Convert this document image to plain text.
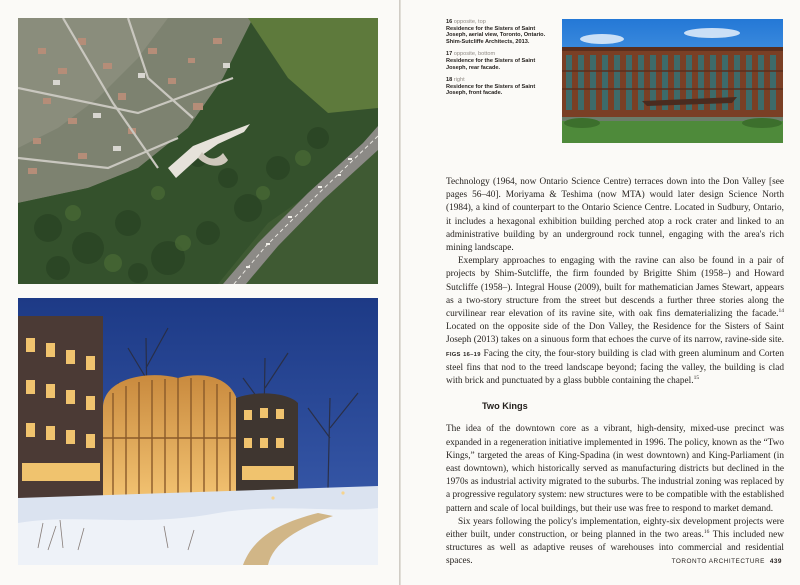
16 opposite, top
Residence for the Sisters of Saint Joseph, aerial view, Toronto, Ontario. Shim-Sutcliffe Architects, 2013.
17 opposite, bottom
Residence for the Sisters of Saint Joseph, rear facade.
18 right
Residence for the Sisters of Saint Joseph, front facade.

Technology (1964, now Ontario Science Centre) terraces down into the Don Valley [see pages 56–40]. Moriyama & Teshima (now MTA) would later design Science North (1984), a kind of counterpart to the Ontario Science Centre. Located in Sudbury, Ontario, it includes a hexagonal exhibition building perched atop a rock crater and linked to an administrative building by an underground rock tunnel, engaging with the area's rich mining landscape.

Exemplary approaches to engaging with the ravine can also be found in a pair of projects by Shim-Sutcliffe, the firm founded by Brigitte Shim (1958–) and Howard Sutcliffe (1958–). Integral House (2009), built for mathematician James Stewart, appears as a two-story structure from the street but descends a further three stories along the curvilinear rear elevation of its ravine site, with oak fins dematerializing the facade.$^{14}$ Located on the opposite side of the Don Valley, the Residence for the Sisters of Saint Joseph (2013) takes on a sinuous form that echoes the curve of its narrow, ravine-side site. FIGS 16–19 Facing the city, the four-story building is clad with green aluminum and Corten steel fins that nod to the treed landscape beyond; facing the valley, the building is clad with brick and punctuated by a glass bubble containing the chapel.$^{15}$

Two Kings

The idea of the downtown core as a vibrant, high-density, mixed-use precinct was expanded in a regeneration initiative implemented in 1996. The policy, known as the “Two Kings,” targeted the areas of King-Spadina (in west downtown) and King-Parliament (in east downtown), which historically served as manufacturing districts but declined in the 1970s as industrial activity migrated to the suburbs. The industrial zoning was replaced by a progressive regulatory system: new structures were to be compatible with the established pattern and scale of local buildings, but their use was free to respond to market demand.

Six years following the policy's implementation, eighty-six development projects were either built, under construction, or being planned in the two areas.$^{16}$ This included new structures as well as adaptive reuses of warehouses into commercial and residential spaces.	TORONTO ARCHITECTURE 439
